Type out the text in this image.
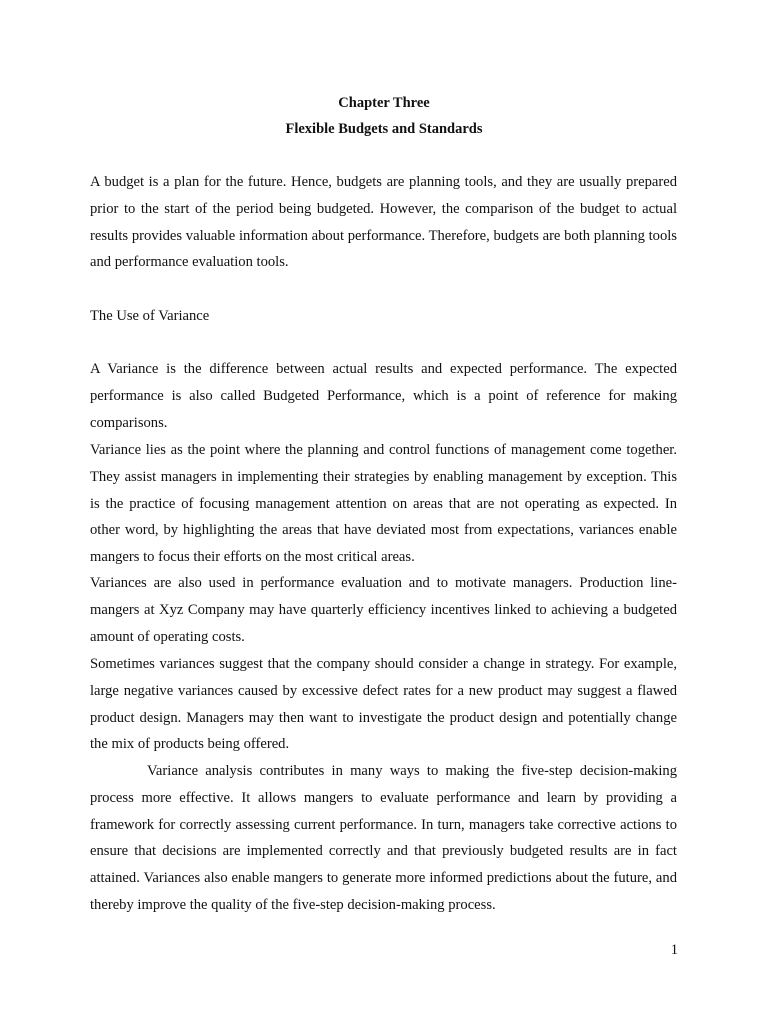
Chapter Three
Flexible Budgets and Standards

A budget is a plan for the future. Hence, budgets are planning tools, and they are usually prepared prior to the start of the period being budgeted. However, the comparison of the budget to actual results provides valuable information about performance. Therefore, budgets are both planning tools and performance evaluation tools.

The Use of Variance

A Variance is the difference between actual results and expected performance. The expected performance is also called Budgeted Performance, which is a point of reference for making comparisons.

Variance lies as the point where the planning and control functions of management come together. They assist managers in implementing their strategies by enabling management by exception. This is the practice of focusing management attention on areas that are not operating as expected. In other word, by highlighting the areas that have deviated most from expectations, variances enable mangers to focus their efforts on the most critical areas.

Variances are also used in performance evaluation and to motivate managers. Production line-mangers at Xyz Company may have quarterly efficiency incentives linked to achieving a budgeted amount of operating costs.

Sometimes variances suggest that the company should consider a change in strategy. For example, large negative variances caused by excessive defect rates for a new product may suggest a flawed product design. Managers may then want to investigate the product design and potentially change the mix of products being offered.

Variance analysis contributes in many ways to making the five-step decision-making process more effective. It allows mangers to evaluate performance and learn by providing a framework for correctly assessing current performance. In turn, managers take corrective actions to ensure that decisions are implemented correctly and that previously budgeted results are in fact attained. Variances also enable mangers to generate more informed predictions about the future, and thereby improve the quality of the five-step decision-making process.

1
